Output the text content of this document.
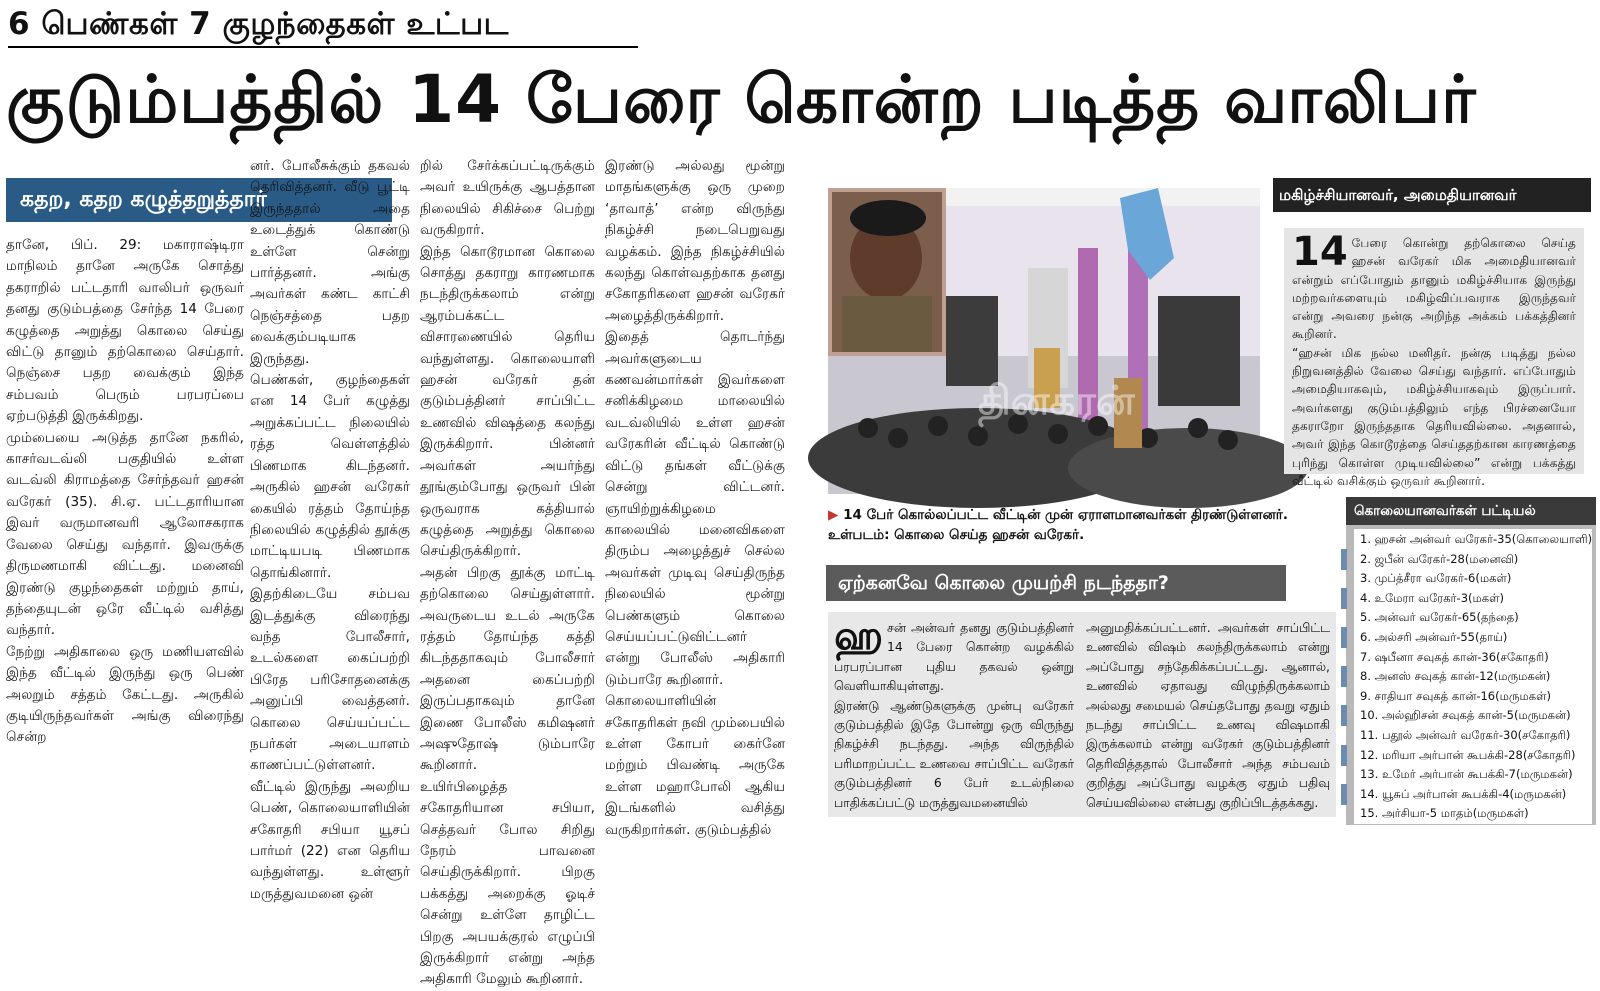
6 பெண்கள் 7 குழந்தைகள் உட்பட
குடும்பத்தில் 14 பேரை கொன்ற படித்த வாலிபர்
கதற, கதற கழுத்தறுத்தார்
தானே, பிப். 29: மகாராஷ்டிரா மாநிலம் தானே அருகே சொத்து தகராறில் பட்டதாரி வாலிபர் ஒருவர் தனது குடும்பத்தை சேர்ந்த 14 பேரை கழுத்தை அறுத்து கொலை செய்து விட்டு தானும் தற்கொலை செய்தார். நெஞ்சை பதற வைக்கும் இந்த சம்பவம் பெரும் பரபரப்பை ஏற்படுத்தி இருக்கிறது.
மும்பையை அடுத்த தானே நகரில், காசர்வடவ்லி பகுதியில் உள்ள வடவ்லி கிராமத்தை சேர்ந்தவர் ஹசன் வரேகர் (35). சி.ஏ. பட்டதாரியான இவர் வருமானவரி ஆலோசகராக வேலை செய்து வந்தார். இவருக்கு திருமணமாகி விட்டது. மனைவி இரண்டு குழந்தைகள் மற்றும் தாய், தந்தையுடன் ஒரே வீட்டில் வசித்து வந்தார்.
நேற்று அதிகாலை ஒரு மணியளவில் இந்த வீட்டில் இருந்து ஒரு பெண் அலறும் சத்தம் கேட்டது. அருகில் குடியிருந்தவர்கள் அங்கு விரைந்து சென்ற
னர். போலீசுக்கும் தகவல் தெரிவித்தனர். வீடு பூட்டி இருந்ததால் அதை உடைத்துக் கொண்டு உள்ளே சென்று பார்த்தனர். அங்கு அவர்கள் கண்ட காட்சி நெஞ்சத்தை பதற வைக்கும்படியாக இருந்தது.
பெண்கள், குழந்தைகள் என 14 பேர் கழுத்து அறுக்கப்பட்ட நிலையில் ரத்த வெள்ளத்தில் பிணமாக கிடந்தனர். அருகில் ஹசன் வரேகர் கையில் ரத்தம் தோய்ந்த நிலையில் கழுத்தில் தூக்கு மாட்டியபடி பிணமாக தொங்கினார்.
இதற்கிடையே சம்பவ இடத்துக்கு விரைந்து வந்த போலீசார், உடல்களை கைப்பற்றி பிரேத பரிசோதனைக்கு அனுப்பி வைத்தனர். கொலை செய்யப்பட்ட நபர்கள் அடையாளம் காணப்பட்டுள்ளனர்.
வீட்டில் இருந்து அலறிய பெண், கொலையாளியின் சகோதரி சபியா யூசப் பார்மர் (22) என தெரிய வந்துள்ளது. உள்ளூர் மருத்துவமனை ஒன்
றில் சேர்க்கப்பட்டிருக்கும் அவர் உயிருக்கு ஆபத்தான நிலையில் சிகிச்சை பெற்று வருகிறார்.
இந்த கொடூரமான கொலை சொத்து தகராறு காரணமாக நடந்திருக்கலாம் என்று ஆரம்பக்கட்ட விசாரணையில் தெரிய வந்துள்ளது. கொலையாளி ஹசன் வரேகர் தன் குடும்பத்தினர் சாப்பிட்ட உணவில் விஷத்தை கலந்து இருக்கிறார். பின்னர் அவர்கள் அயர்ந்து தூங்கும்போது ஒருவர் பின் ஒருவராக கத்தியால் கழுத்தை அறுத்து கொலை செய்திருக்கிறார்.
அதன் பிறகு தூக்கு மாட்டி தற்கொலை செய்துள்ளார். அவருடைய உடல் அருகே ரத்தம் தோய்ந்த கத்தி கிடந்ததாகவும் போலீசார் அதனை கைப்பற்றி இருப்பதாகவும் தானே இணை போலீஸ் கமிஷனர் அஷுதோஷ் டும்பாரே கூறினார்.
உயிர்பிழைத்த சகோதரியான சபியா, செத்தவர் போல சிறிது நேரம் பாவனை செய்திருக்கிறார். பிறகு பக்கத்து அறைக்கு ஓடிச் சென்று உள்ளே தாழிட்ட பிறகு அபயக்குரல் எழுப்பி இருக்கிறார் என்று அந்த அதிகாரி மேலும் கூறினார்.
இரண்டு அல்லது மூன்று மாதங்களுக்கு ஒரு முறை ‘தாவாத்’ என்ற விருந்து நிகழ்ச்சி நடைபெறுவது வழக்கம். இந்த நிகழ்ச்சியில் கலந்து கொள்வதற்காக தனது சகோதரிகளை ஹசன் வரேகர் அழைத்திருக்கிறார்.
இதைத் தொடர்ந்து அவர்களுடைய கணவன்மார்கள் இவர்களை சனிக்கிழமை மாலையில் வடவ்லியில் உள்ள ஹசன் வரேகரின் வீட்டில் கொண்டு விட்டு தங்கள் வீட்டுக்கு சென்று விட்டனர். ஞாயிற்றுக்கிழமை காலையில் மனைவிகளை திரும்ப அழைத்துச் செல்ல அவர்கள் முடிவு செய்திருந்த நிலையில் மூன்று பெண்களும் கொலை செய்யப்பட்டுவிட்டனர் என்று போலீஸ் அதிகாரி டும்பாரே கூறினார்.
கொலையாளியின் சகோதரிகள் நவி மும்பையில் உள்ள கோபர் கைர்னே மற்றும் பிவண்டி அருகே உள்ள மஹாபோலி ஆகிய இடங்களில் வசித்து வருகிறார்கள். குடும்பத்தில்
தினகரன்
▶ 14 பேர் கொல்லப்பட்ட வீட்டின் முன் ஏராளமானவர்கள் திரண்டுள்ளனர்.
உள்படம்: கொலை செய்த ஹசன் வரேகர்.
மகிழ்ச்சியானவர், அமைதியானவர்
14 பேரை கொன்று தற்கொலை செய்த ஹசன் வரேகர் மிக அமைதியானவர் என்றும் எப்போதும் தானும் மகிழ்ச்சியாக இருந்து மற்றவர்களையும் மகிழ்விப்பவராக இருந்தவர் என்று அவரை நன்கு அறிந்த அக்கம் பக்கத்தினர் கூறினர்.
“ஹசன் மிக நல்ல மனிதர். நன்கு படித்து நல்ல நிறுவனத்தில் வேலை செய்து வந்தார். எப்போதும் அமைதியாகவும், மகிழ்ச்சியாகவும் இருப்பார். அவர்களது குடும்பத்திலும் எந்த பிரச்னையோ தகராறோ இருந்ததாக தெரியவில்லை. அதனால், அவர் இந்த கொடூரத்தை செய்ததற்கான காரணத்தை புரிந்து கொள்ள முடியவில்லை” என்று பக்கத்து வீட்டில் வசிக்கும் ஒருவர் கூறினார்.
ஏற்கனவே கொலை முயற்சி நடந்ததா?
ஹசன் அன்வர் தனது குடும்பத்தினர் 14 பேரை கொன்ற வழக்கில் பரபரப்பான புதிய தகவல் ஒன்று வெளியாகியுள்ளது.
இரண்டு ஆண்டுகளுக்கு முன்பு வரேகர் குடும்பத்தில் இதே போன்று ஒரு விருந்து நிகழ்ச்சி நடந்தது. அந்த விருந்தில் பரிமாறப்பட்ட உணவை சாப்பிட்ட வரேகர் குடும்பத்தினர் 6 பேர் உடல்நிலை பாதிக்கப்பட்டு மருத்துவமனையில்
அனுமதிக்கப்பட்டனர். அவர்கள் சாப்பிட்ட உணவில் விஷம் கலந்திருக்கலாம் என்று அப்போது சந்தேகிக்கப்பட்டது. ஆனால், உணவில் ஏதாவது விழுந்திருக்கலாம் அல்லது சமையல் செய்தபோது தவறு ஏதும் நடந்து சாப்பிட்ட உணவு விஷமாகி இருக்கலாம் என்று வரேகர் குடும்பத்தினர் தெரிவித்ததால் போலீசார் அந்த சம்பவம் குறித்து அப்போது வழக்கு ஏதும் பதிவு செய்யவில்லை என்பது குறிப்பிடத்தக்கது.
கொலையானவர்கள் பட்டியல்
1. ஹசன் அன்வர் வரேகர்-35(கொலையாளி)
2. ஜபீன் வரேகர்-28(மனைவி)
3. முப்த்சீரா வரேகர்-6(மகள்)
4. உமேரா வரேகர்-3(மகள்)
5. அன்வர் வரேகர்-65(தந்தை)
6. அல்சரி அன்வர்-55(தாய்)
7. ஷபீனா சவுகத் கான்-36(சகோதரி)
8. அனஸ் சவுகத் கான்-12(மருமகன்)
9. சாதியா சவுகத் கான்-16(மருமகள்)
10. அல்ஹிசன் சவுகத் கான்-5(மருமகன்)
11. பதூல் அன்வர் வரேகர்-30(சகோதரி)
12. மரியா அர்பான் கூபக்கி-28(சகோதரி)
13. உமேர் அர்பான் கூபக்கி-7(மருமகன்)
14. யூசுப் அர்பான் கூபக்கி-4(மருமகன்)
15. அர்சியா-5 மாதம்(மருமகள்)
